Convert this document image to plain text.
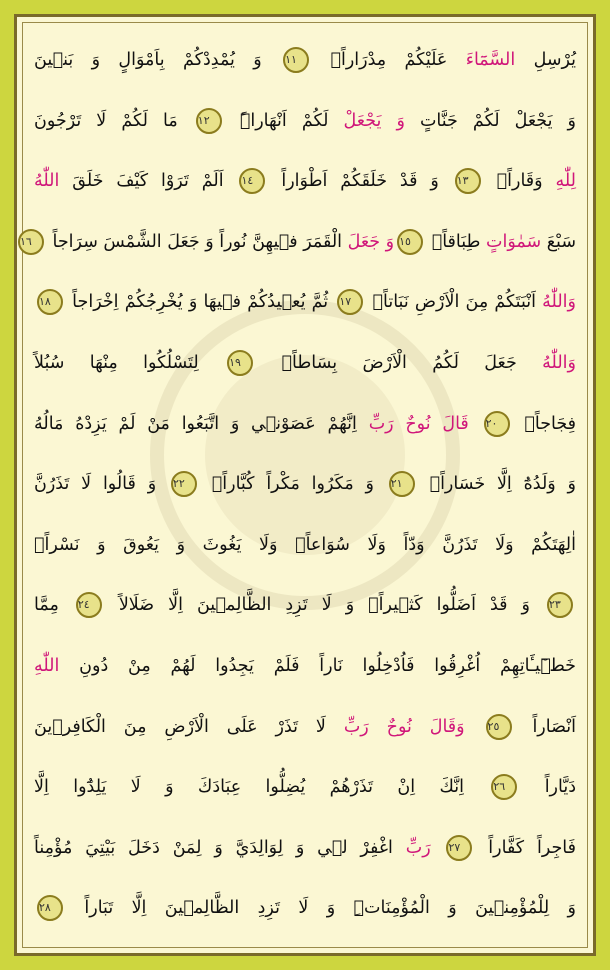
يُرْسِلِ السَّمَٓاءَ عَلَيْكُمْ مِدْرَاراًۙ ١١ وَ يُمْدِدْكُمْ بِاَمْوَالٍ وَ بَن۪ينَ
وَ يَجْعَلْ لَكُمْ جَنَّاتٍ وَ يَجْعَلْ لَكُمْ اَنْهَاراًۜ ١٢ مَا لَكُمْ لَا تَرْجُونَ
لِلّٰهِ وَقَاراًۚ ١٣ وَ قَدْ خَلَقَكُمْ اَطْوَاراً ١٤ اَلَمْ تَرَوْا كَيْفَ خَلَقَ اللّٰهُ
سَبْعَ سَمٰوَاتٍ طِبَاقاًۙ ١٥وَ جَعَلَ الْقَمَرَ ف۪يهِنَّ نُوراً وَ جَعَلَ الشَّمْسَ سِرَاجاً ١٦
وَاللّٰهُ اَنْبَتَكُمْ مِنَ الْاَرْضِ نَبَاتاًۙ ١٧ ثُمَّ يُع۪يدُكُمْ ف۪يهَا وَ يُخْرِجُكُمْ اِخْرَاجاً ١٨
وَاللّٰهُ جَعَلَ لَكُمُ الْاَرْضَ بِسَاطاًۙ ١٩ لِتَسْلُكُوا مِنْهَا سُبُلاً
فِجَاجاً۟ ٢٠ قَالَ نُوحٌ رَبِّ اِنَّهُمْ عَصَوْن۪ي وَ اتَّبَعُوا مَنْ لَمْ يَزِدْهُ مَالُهُ
وَ وَلَدُهُٓ اِلَّا خَسَاراًۚ ٢١ وَ مَكَرُوا مَكْراً كُبَّاراًۚ ٢٢ وَ قَالُوا لَا تَذَرُنَّ
اٰلِهَتَكُمْ وَلَا تَذَرُنَّ وَدّاً وَلَا سُوَاعاًۙ وَلَا يَغُوثَ وَ يَعُوقَ وَ نَسْراًۚ
٢٣ وَ قَدْ اَضَلُّوا كَث۪يراًۚ وَ لَا تَزِدِ الظَّالِم۪ينَ اِلَّا ضَلَالاً ٢٤ مِمَّا
خَط۪ٓيـَٔاتِهِمْ اُغْرِقُوا فَاُدْخِلُوا نَاراً فَلَمْ يَجِدُوا لَهُمْ مِنْ دُونِ اللّٰهِ
اَنْصَاراً ٢٥ وَقَالَ نُوحٌ رَبِّ لَا تَذَرْ عَلَى الْاَرْضِ مِنَ الْكَافِر۪ينَ
دَيَّاراً ٢٦ اِنَّكَ اِنْ تَذَرْهُمْ يُضِلُّوا عِبَادَكَ وَ لَا يَلِدُٓوا اِلَّا
فَاجِراً كَفَّاراً ٢٧ رَبِّ اغْفِرْ ل۪ي وَ لِوَالِدَيَّ وَ لِمَنْ دَخَلَ بَيْتِيَ مُؤْمِناً
وَ لِلْمُؤْمِن۪ينَ وَ الْمُؤْمِنَاتِۜ وَ لَا تَزِدِ الظَّالِم۪ينَ اِلَّا تَبَاراً ٢٨
